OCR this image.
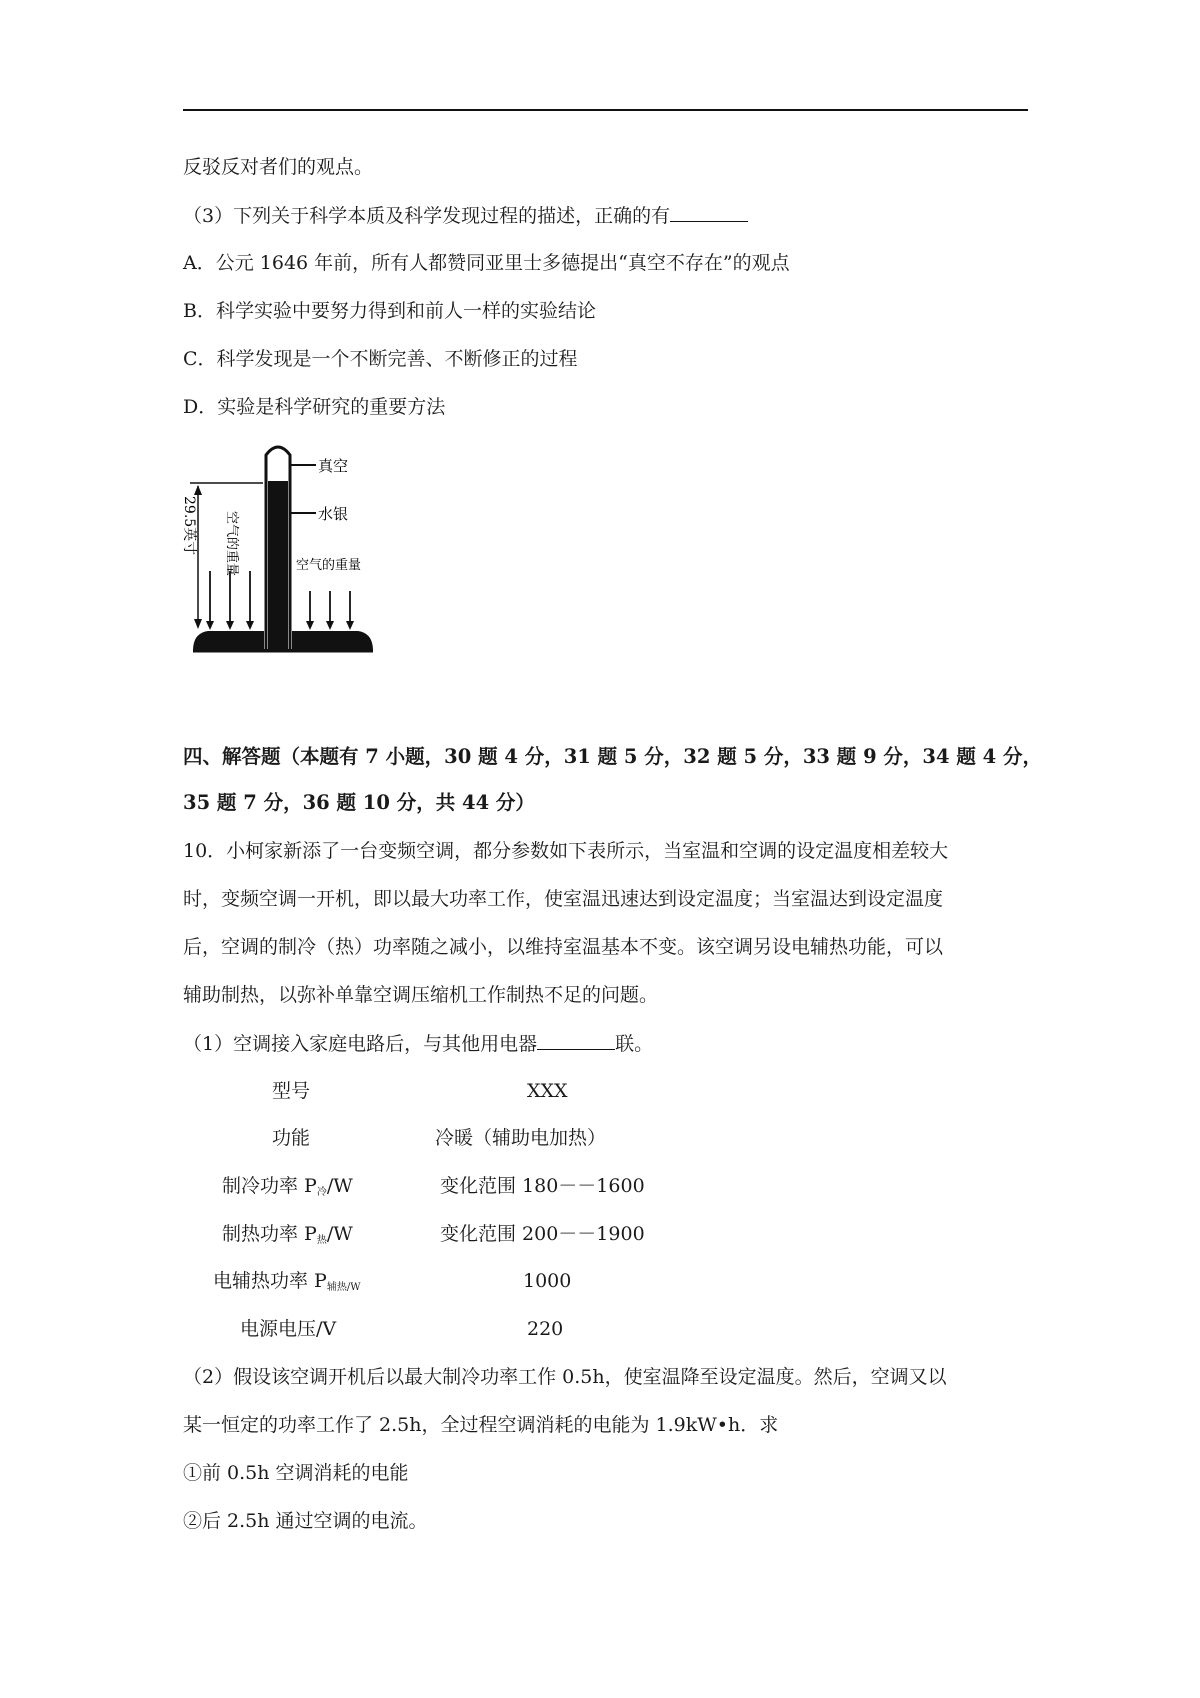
反驳反对者们的观点。
（3）下列关于科学本质及科学发现过程的描述，正确的有
A．公元 1646 年前，所有人都赞同亚里士多德提出“真空不存在”的观点
B．科学实验中要努力得到和前人一样的实验结论
C．科学发现是一个不断完善、不断修正的过程
D．实验是科学研究的重要方法
真空
水银
29.5英寸 空气的重量	空气的重量
四、解答题（本题有 7 小题，30 题 4 分，31 题 5 分，32 题 5 分，33 题 9 分，34 题 4 分，
35 题 7 分，36 题 10 分，共 44 分）
10．小柯家新添了一台变频空调，都分参数如下表所示，当室温和空调的设定温度相差较大
时，变频空调一开机，即以最大功率工作，使室温迅速达到设定温度；当室温达到设定温度
后，空调的制冷（热）功率随之减小，以维持室温基本不变。该空调另设电辅热功能，可以
辅助制热，以弥补单靠空调压缩机工作制热不足的问题。
（1）空调接入家庭电路后，与其他用电器	联。
型号	XXX
功能	冷暖（辅助电加热）
制冷功率 $P_冷/W$	变化范围 180－－1600
制热功率 $P_热/W$	变化范围 200－－1900
电辅热功率 $P_{辅热/W}$	1000
电源电压/V	220
（2）假设该空调开机后以最大制冷功率工作 0.5h，使室温降至设定温度。然后，空调又以
某一恒定的功率工作了 2.5h，全过程空调消耗的电能为 1.9kW•h．求
①前 0.5h 空调消耗的电能
②后 2.5h 通过空调的电流。
